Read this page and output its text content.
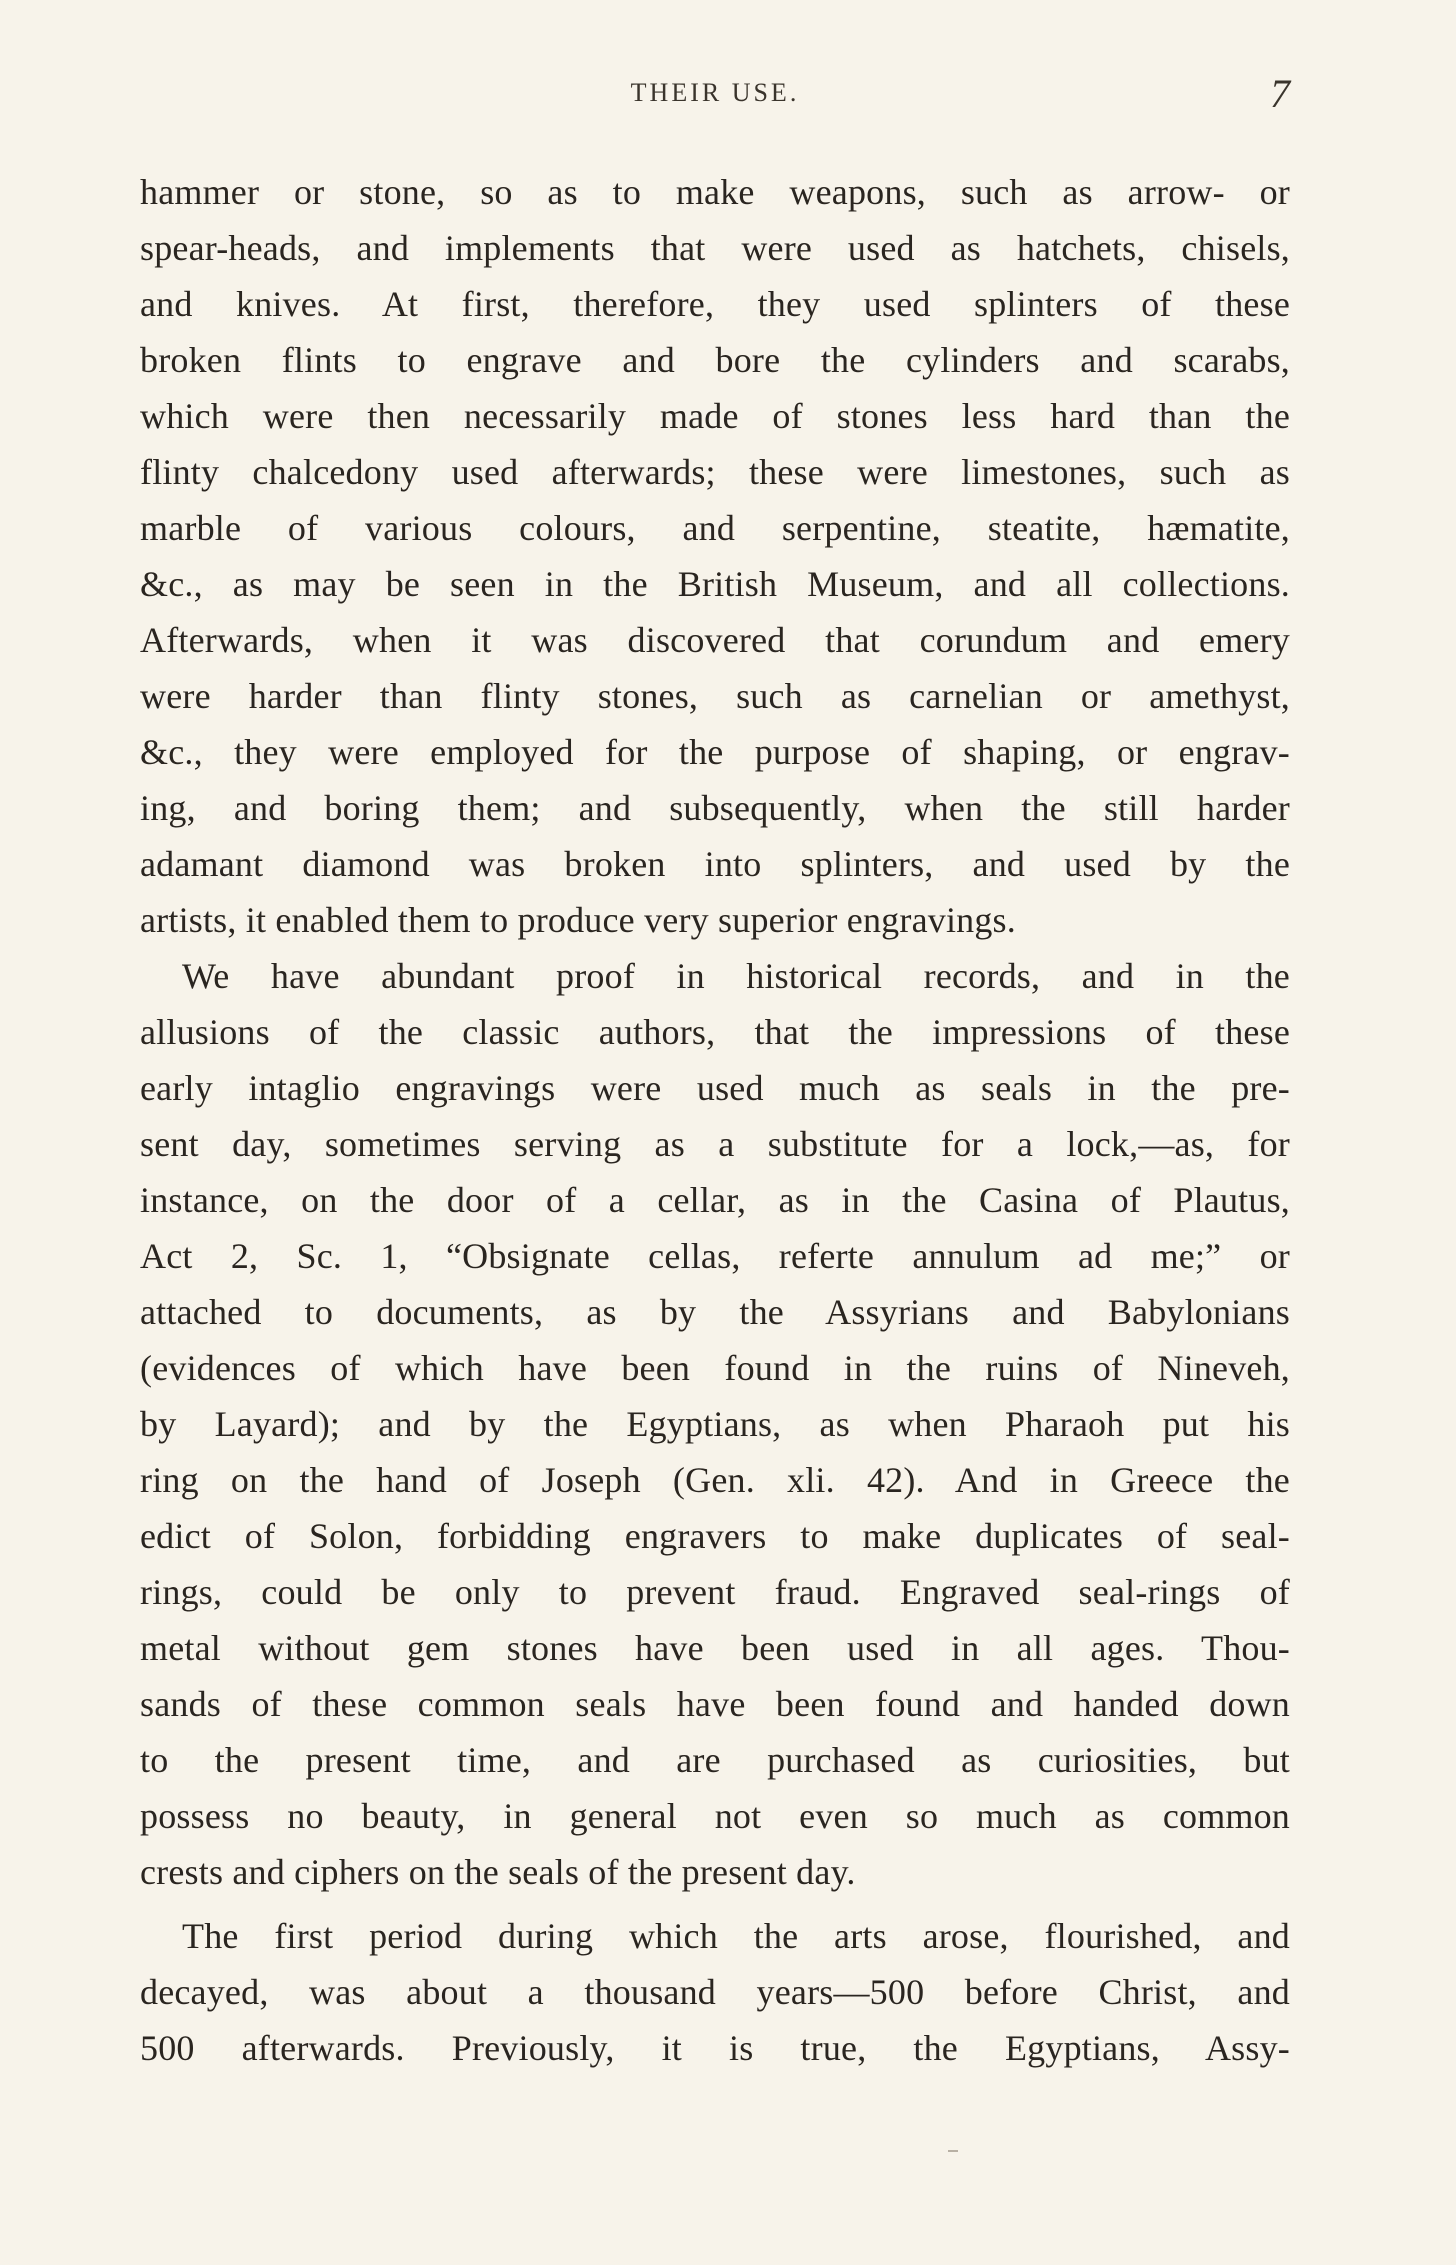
THEIR USE.	7
hammer or stone, so as to make weapons, such as arrow- or
spear-heads, and implements that were used as hatchets, chisels,
and knives. At first, therefore, they used splinters of these
broken flints to engrave and bore the cylinders and scarabs,
which were then necessarily made of stones less hard than the
flinty chalcedony used afterwards; these were limestones, such as
marble of various colours, and serpentine, steatite, hæmatite,
&c., as may be seen in the British Museum, and all collections.
Afterwards, when it was discovered that corundum and emery
were harder than flinty stones, such as carnelian or amethyst,
&c., they were employed for the purpose of shaping, or engrav-
ing, and boring them; and subsequently, when the still harder
adamant diamond was broken into splinters, and used by the
artists, it enabled them to produce very superior engravings.
We have abundant proof in historical records, and in the
allusions of the classic authors, that the impressions of these
early intaglio engravings were used much as seals in the pre-
sent day, sometimes serving as a substitute for a lock,—as, for
instance, on the door of a cellar, as in the Casina of Plautus,
Act 2, Sc. 1, “Obsignate cellas, referte annulum ad me;” or
attached to documents, as by the Assyrians and Babylonians
(evidences of which have been found in the ruins of Nineveh,
by Layard); and by the Egyptians, as when Pharaoh put his
ring on the hand of Joseph (Gen. xli. 42). And in Greece the
edict of Solon, forbidding engravers to make duplicates of seal-
rings, could be only to prevent fraud. Engraved seal-rings of
metal without gem stones have been used in all ages. Thou-
sands of these common seals have been found and handed down
to the present time, and are purchased as curiosities, but
possess no beauty, in general not even so much as common
crests and ciphers on the seals of the present day.
The first period during which the arts arose, flourished, and
decayed, was about a thousand years—500 before Christ, and
500 afterwards. Previously, it is true, the Egyptians, Assy-
